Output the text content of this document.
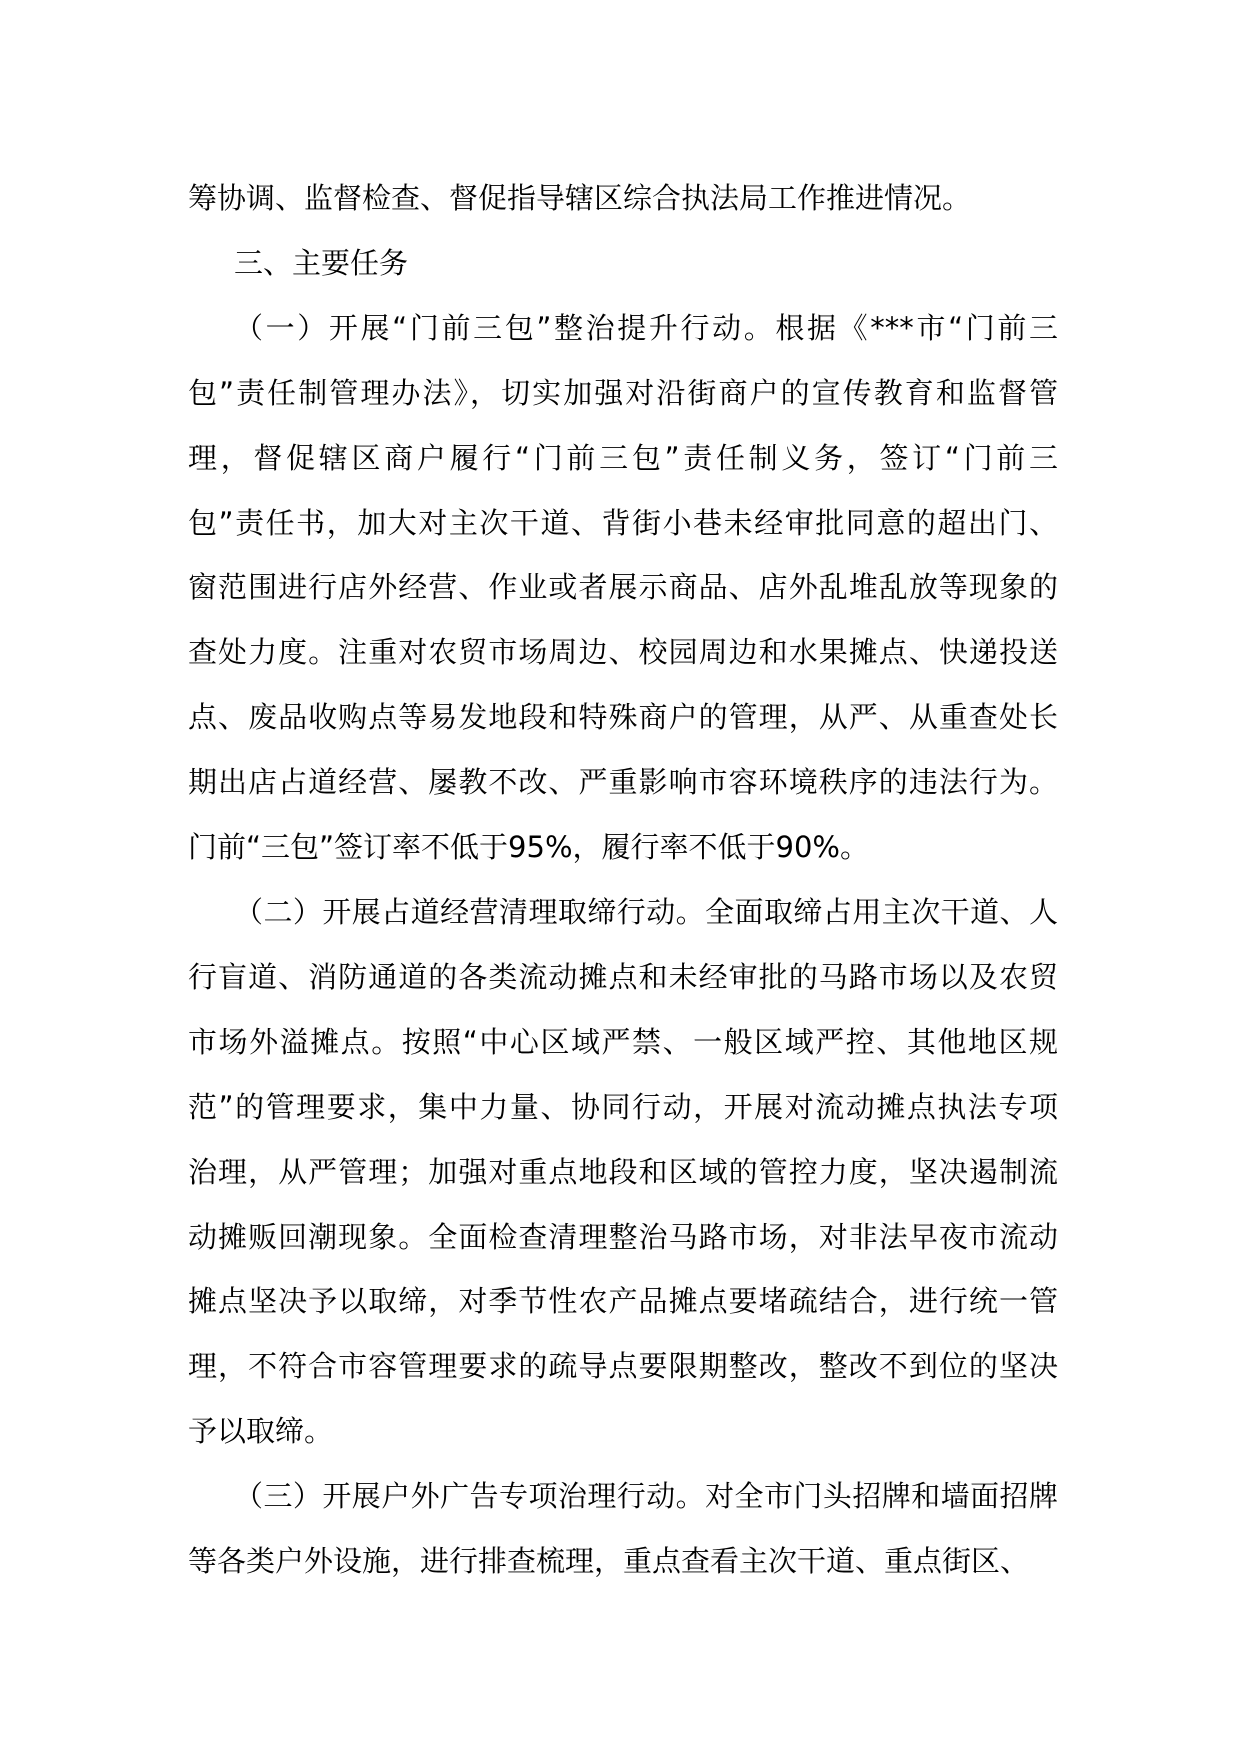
筹协调、监督检查、督促指导辖区综合执法局工作推进情况。

三、主要任务

（一）开展“门前三包”整治提升行动。根据《***市“门前三
包”责任制管理办法》，切实加强对沿街商户的宣传教育和监督管
理，督促辖区商户履行“门前三包”责任制义务，签订“门前三
包”责任书，加大对主次干道、背街小巷未经审批同意的超出门、
窗范围进行店外经营、作业或者展示商品、店外乱堆乱放等现象的
查处力度。注重对农贸市场周边、校园周边和水果摊点、快递投送
点、废品收购点等易发地段和特殊商户的管理，从严、从重查处长
期出店占道经营、屡教不改、严重影响市容环境秩序的违法行为。
门前“三包”签订率不低于95%，履行率不低于90%。

（二）开展占道经营清理取缔行动。全面取缔占用主次干道、人
行盲道、消防通道的各类流动摊点和未经审批的马路市场以及农贸
市场外溢摊点。按照“中心区域严禁、一般区域严控、其他地区规
范”的管理要求，集中力量、协同行动，开展对流动摊点执法专项
治理，从严管理；加强对重点地段和区域的管控力度，坚决遏制流
动摊贩回潮现象。全面检查清理整治马路市场，对非法早夜市流动
摊点坚决予以取缔，对季节性农产品摊点要堵疏结合，进行统一管
理，不符合市容管理要求的疏导点要限期整改，整改不到位的坚决
予以取缔。

（三）开展户外广告专项治理行动。对全市门头招牌和墙面招牌
等各类户外设施，进行排查梳理，重点查看主次干道、重点街区、
